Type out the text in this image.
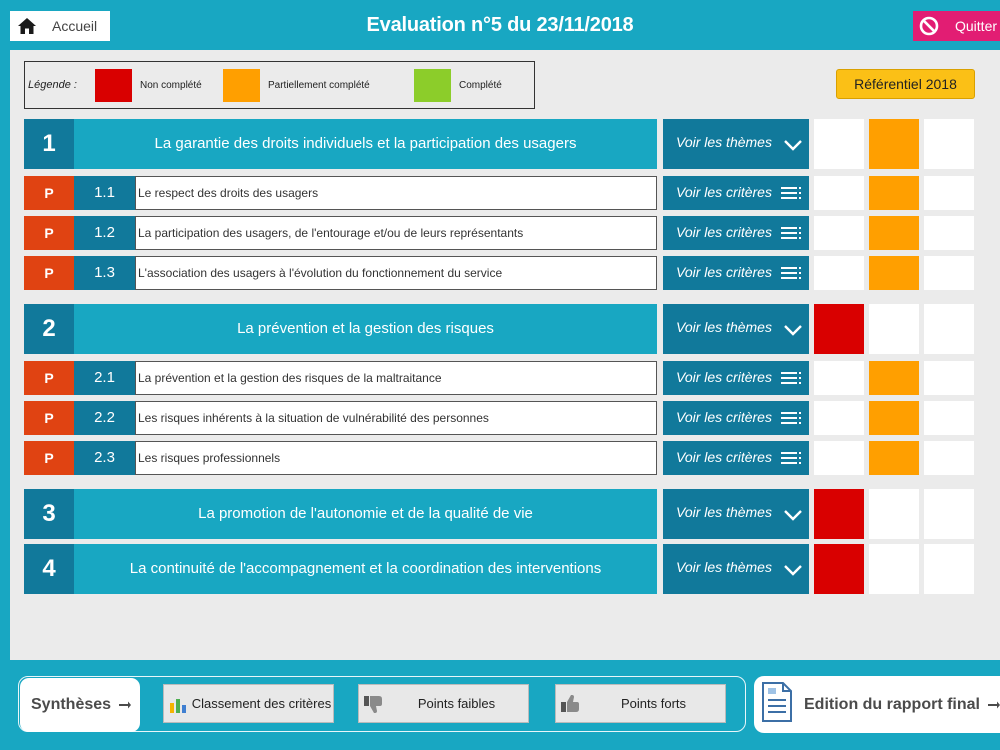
Accueil	Evaluation n°5 du 23/11/2018	Quitter
Légende :	Non complété	Partiellement complété	Complété	Référentiel 2018
1	La garantie des droits individuels et la participation des usagers	Voir les thèmes
P	1.1	Le respect des droits des usagers	Voir les critères
P	1.2	La participation des usagers, de l'entourage et/ou de leurs représentants	Voir les critères
P	1.3	L'association des usagers à l'évolution du fonctionnement du service	Voir les critères
2	La prévention et la gestion des risques	Voir les thèmes
P	2.1	La prévention et la gestion des risques de la maltraitance	Voir les critères
P	2.2	Les risques inhérents à la situation de vulnérabilité des personnes	Voir les critères
P	2.3	Les risques professionnels	Voir les critères
3	La promotion de l'autonomie et de la qualité de vie	Voir les thèmes
4	La continuité de l'accompagnement et la coordination des interventions	Voir les thèmes
Synthèses	Classement des critères	Points faibles	Points forts	Edition du rapport final
